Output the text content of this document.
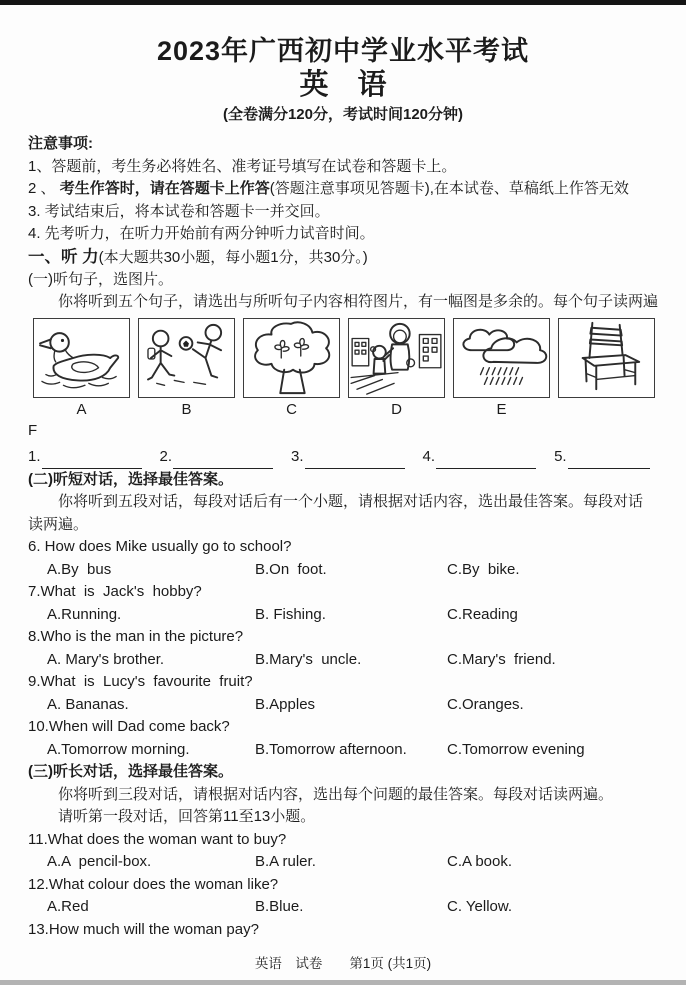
2023年广西初中学业水平考试
英　语
(全卷满分120分，考试时间120分钟)
注意事项:
1、答题前，考生务必将姓名、准考证号填写在试卷和答题卡上。
2 、 考生作答时，请在答题卡上作答(答题注意事项见答题卡),在本试卷、草稿纸上作答无效
3. 考试结束后，将本试卷和答题卡一并交回。
4. 先考听力，在听力开始前有两分钟听力试音时间。
一、听 力(本大题共30小题，每小题1分，共30分。)
(一)听句子，选图片。
你将听到五个句子，请选出与所听句子内容相符图片，有一幅图是多余的。每个句子读两遍
A	B	C	D	E
F
1.	2.	3.	4.	5.
(二)听短对话，选择最佳答案。
你将听到五段对话，每段对话后有一个小题，请根据对话内容，选出最佳答案。每段对话
读两遍。
6. How does Mike usually go to school?
A.By  bus	B.On  foot.	C.By  bike.
7.What  is  Jack's  hobby?
A.Running.	B. Fishing.	C.Reading
8.Who is the man in the picture?
A. Mary's brother.	B.Mary's  uncle.	C.Mary's  friend.
9.What  is  Lucy's  favourite  fruit?
A. Bananas.	B.Apples	C.Oranges.
10.When will Dad come back?
A.Tomorrow morning.	B.Tomorrow afternoon.	C.Tomorrow evening
(三)听长对话，选择最佳答案。
你将听到三段对话，请根据对话内容，选出每个问题的最佳答案。每段对话读两遍。
请听第一段对话，回答第11至13小题。
11.What does the woman want to buy?
A.A  pencil-box.	B.A ruler.	C.A book.
12.What colour does the woman like?
A.Red	B.Blue.	C. Yellow.
13.How much will the woman pay?
英语　试卷　　第1页 (共1页)
